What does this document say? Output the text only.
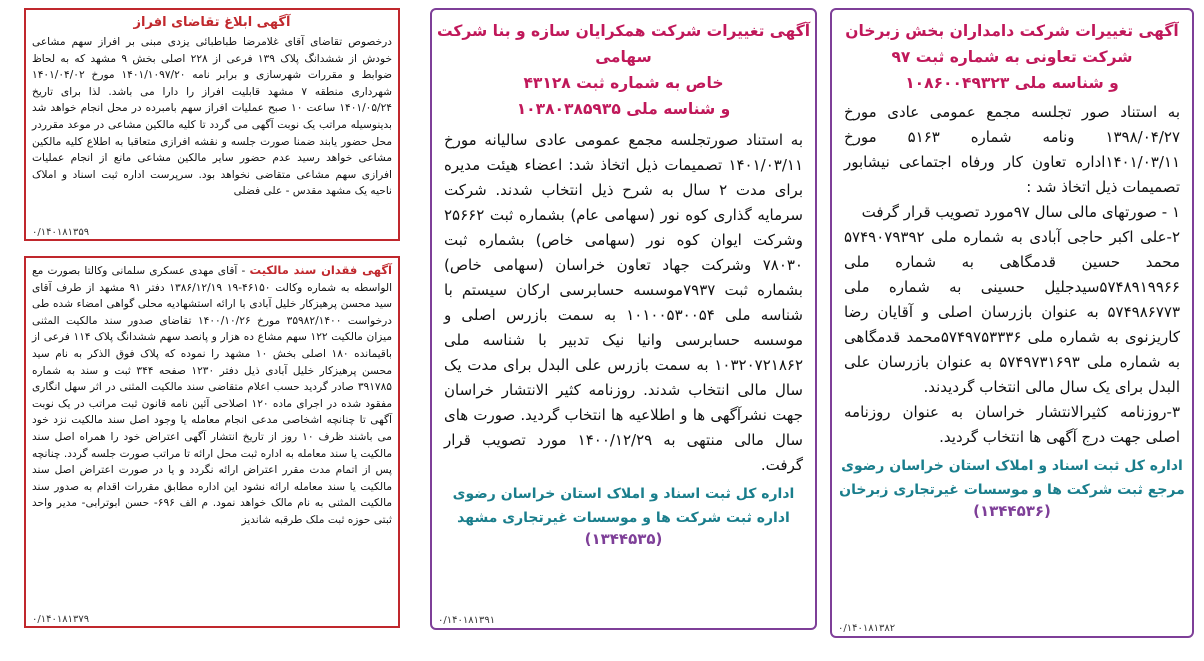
آگهی تغییرات شرکت دامداران بخش زبرخان
شرکت تعاونی به شماره ثبت ۹۷
و شناسه ملی ۱۰۸۶۰۰۴۹۳۲۳

به استناد صور تجلسه مجمع عمومی عادی مورخ ۱۳۹۸/۰۴/۲۷ ونامه شماره ۵۱۶۳ مورخ ۱۴۰۱/۰۳/۱۱اداره تعاون کار ورفاه اجتماعی نیشابور تصمیمات ذیل اتخاذ شد :

۱ - صورتهای مالی سال ۹۷مورد تصویب قرار گرفت

۲-علی اکبر حاجی آبادی به شماره ملی ۵۷۴۹۰۷۹۳۹۲ محمد حسین قدمگاهی به شماره ملی ۵۷۴۸۹۱۹۹۶۶سیدجلیل حسینی به شماره ملی ۵۷۴۹۸۶۷۷۳ به عنوان بازرسان اصلی و آقایان رضا کاریزنوی به شماره ملی ۵۷۴۹۷۵۳۳۳۶محمد قدمگاهی به شماره ملی ۵۷۴۹۷۳۱۶۹۳ به عنوان بازرسان علی البدل برای یک سال مالی انتخاب گردیدند.

۳-روزنامه کثیرالانتشار خراسان به عنوان روزنامه اصلی جهت درج آگهی ها انتخاب گردید.

اداره کل ثبت اسناد و املاک استان خراسان رضوی
مرجع ثبت شرکت ها و موسسات غیرتجاری زبرخان
(۱۳۴۴۵۳۶)
۰/۱۴۰۱۸۱۳۸۲
آگهی تغییرات شرکت همکرایان سازه و بنا شرکت سهامی
خاص به شماره ثبت ۴۳۱۲۸
و شناسه ملی ۱۰۳۸۰۳۸۵۹۳۵

به استناد صورتجلسه مجمع عمومی عادی سالیانه مورخ ۱۴۰۱/۰۳/۱۱ تصمیمات ذیل اتخاذ شد: اعضاء هیئت مدیره برای مدت ۲ سال به شرح ذیل انتخاب شدند. شرکت سرمایه گذاری کوه نور (سهامی عام) بشماره ثبت ۲۵۶۶۲ وشرکت ایوان کوه نور (سهامی خاص) بشماره ثبت ۷۸۰۳۰ وشرکت جهاد تعاون خراسان (سهامی خاص) بشماره ثبت ۷۹۳۷موسسه حسابرسی ارکان سیستم با شناسه ملی ۱۰۱۰۰۵۳۰۰۵۴ به سمت بازرس اصلی و موسسه حسابرسی وانیا نیک تدبیر با شناسه ملی ۱۰۳۲۰۷۲۱۸۶۲ به سمت بازرس علی البدل برای مدت یک سال مالی انتخاب شدند. روزنامه کثیر الانتشار خراسان جهت نشرآگهی ها و اطلاعیه ها انتخاب گردید. صورت های سال مالی منتهی به ۱۴۰۰/۱۲/۲۹ مورد تصویب قرار گرفت.

اداره کل ثبت اسناد و املاک استان خراسان رضوی
اداره ثبت شرکت ها و موسسات غیرتجاری مشهد
(۱۳۴۴۵۳۵)
۰/۱۴۰۱۸۱۳۹۱
آگهی ابلاغ تقاضای افراز
درخصوص تقاضای آقای غلامرضا طباطبائی یزدی مبنی بر افراز سهم مشاعی خودش از ششدانگ پلاک ۱۳۹ فرعی از ۲۲۸ اصلی بخش ۹ مشهد که به لحاظ ضوابط و مقررات شهرسازی و برابر نامه ۱۴۰۱/۱۰۹۷/۲۰ مورخ ۱۴۰۱/۰۴/۰۲ شهرداری منطقه ۷ مشهد قابلیت افراز را دارا می باشد. لذا برای تاریخ ۱۴۰۱/۰۵/۲۴ ساعت ۱۰ صبح عملیات افراز سهم بامبرده در محل انجام خواهد شد بدینوسیله مراتب یک نوبت آگهی می گردد تا کلیه مالکین مشاعی در موعد مقرردر محل حضور یابند ضمنا صورت جلسه و نقشه افرازی متعاقبا به اطلاع کلیه مالکین مشاعی خواهد رسید عدم حضور سایر مالکین مشاعی مانع از انجام عملیات افرازی سهم مشاعی متقاضی نخواهد بود. سرپرست اداره ثبت اسناد و املاک ناحیه یک مشهد مقدس - علی فضلی
۰/۱۴۰۱۸۱۳۵۹
آگهی فقدان سند مالکیت - آقای مهدی عسکری سلمانی وکالتا بصورت مع الواسطه به شماره وکالت ۴۶۱۵۰-۱۹ ۱۳۸۶/۱۲/۱۹ دفتر ۹۱ مشهد از طرف آقای سید محسن پرهیزکار خلیل آبادی با ارائه استشهادیه محلی گواهی امضاء شده طی درخواست ۳۵۹۸۲/۱۴۰۰ مورخ ۱۴۰۰/۱۰/۲۶ تقاضای صدور سند مالکیت المثنی میزان مالکیت ۱۲۲ سهم مشاع ده هزار و پانصد سهم ششدانگ پلاک ۱۱۴ فرعی از باقیمانده ۱۸۰ اصلی بخش ۱۰ مشهد را نموده که پلاک فوق الذکر به نام سید محسن پرهیزکار خلیل آبادی ذیل دفتر ۱۲۳۰ صفحه ۳۴۴ ثبت و سند به شماره ۳۹۱۷۸۵ صادر گردید حسب اعلام متقاضی سند مالکیت المثنی در اثر سهل انگاری مفقود شده در اجرای ماده ۱۲۰ اصلاحی آئین نامه قانون ثبت مراتب در یک نوبت آگهی تا چنانچه اشخاصی مدعی انجام معامله یا وجود اصل سند مالکیت نزد خود می باشند ظرف ۱۰ روز از تاریخ انتشار آگهی اعتراض خود را همراه اصل سند مالکیت یا سند معامله به اداره ثبت محل ارائه تا مراتب صورت جلسه گردد. چنانچه پس از اتمام مدت مقرر اعتراض ارائه نگردد و یا در صورت اعتراض اصل سند مالکیت یا سند معامله ارائه نشود این اداره مطابق مقررات اقدام به صدور سند مالکیت المثنی به نام مالک خواهد نمود. م الف ۶۹۶- حسن ابوترابی- مدیر واحد ثبتی حوزه ثبت ملک طرقبه شاندیز
۰/۱۴۰۱۸۱۳۷۹
